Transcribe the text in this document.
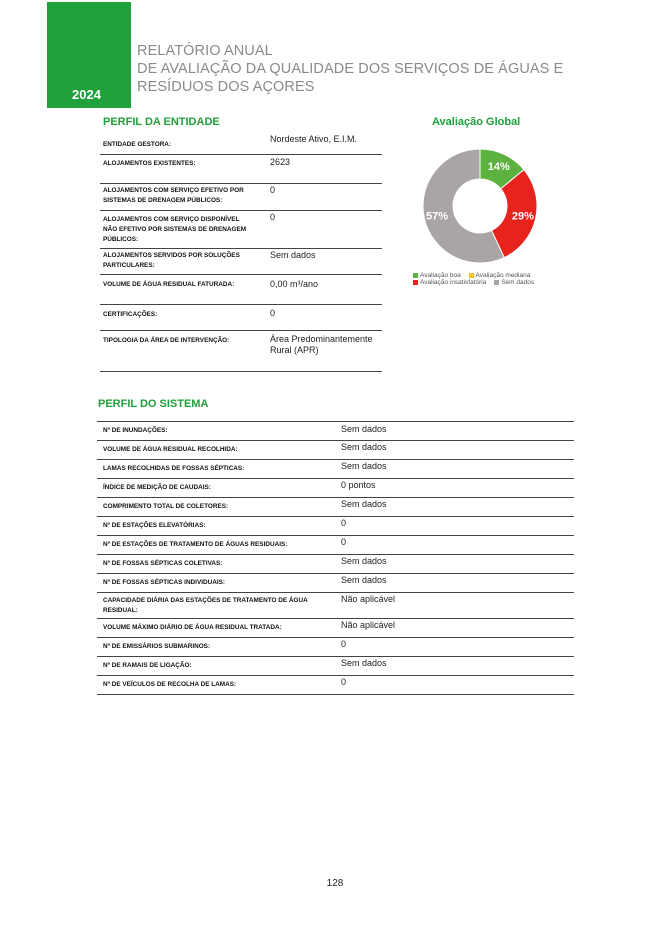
2024
RELATÓRIO ANUAL
DE AVALIAÇÃO DA QUALIDADE DOS SERVIÇOS DE ÁGUAS E
RESÍDUOS DOS AÇORES
PERFIL DA ENTIDADE
ENTIDADE GESTORA:
Nordeste Ativo, E.I.M.
ALOJAMENTOS EXISTENTES:	2623
ALOJAMENTOS COM SERVIÇO EFETIVO POR SISTEMAS DE DRENAGEM PÚBLICOS:
0
ALOJAMENTOS COM SERVIÇO DISPONÍVEL NÃO EFETIVO POR SISTEMAS DE DRENAGEM PÚBLICOS:
0
ALOJAMENTOS SERVIDOS POR SOLUÇÕES PARTICULARES:
Sem dados
VOLUME DE ÁGUA RESIDUAL FATURADA:	0,00 m³/ano
CERTIFICAÇÕES:	0
TIPOLOGIA DA ÁREA DE INTERVENÇÃO:	Área Predominantemente Rural (APR)
Avaliação Global
14%
29%
57%
Avaliação boa Avaliação mediana
Avaliação insatisfatória Sem dados
PERFIL DO SISTEMA
Nº DE INUNDAÇÕES:	Sem dados
VOLUME DE ÁGUA RESIDUAL RECOLHIDA:	Sem dados
LAMAS RECOLHIDAS DE FOSSAS SÉPTICAS:	Sem dados
ÍNDICE DE MEDIÇÃO DE CAUDAIS:	0 pontos
COMPRIMENTO TOTAL DE COLETORES:	Sem dados
Nº DE ESTAÇÕES ELEVATÓRIAS:	0
Nº DE ESTAÇÕES DE TRATAMENTO DE ÁGUAS RESIDUAIS:	0
Nº DE FOSSAS SÉPTICAS COLETIVAS:	Sem dados
Nº DE FOSSAS SÉPTICAS INDIVIDUAIS:	Sem dados
CAPACIDADE DIÁRIA DAS ESTAÇÕES DE TRATAMENTO DE ÁGUA RESIDUAL:
Não aplicável
VOLUME MÁXIMO DIÁRIO DE ÁGUA RESIDUAL TRATADA:	Não aplicável
Nº DE EMISSÁRIOS SUBMARINOS:	0
Nº DE RAMAIS DE LIGAÇÃO:	Sem dados
Nº DE VEÍCULOS DE RECOLHA DE LAMAS:	0
128
